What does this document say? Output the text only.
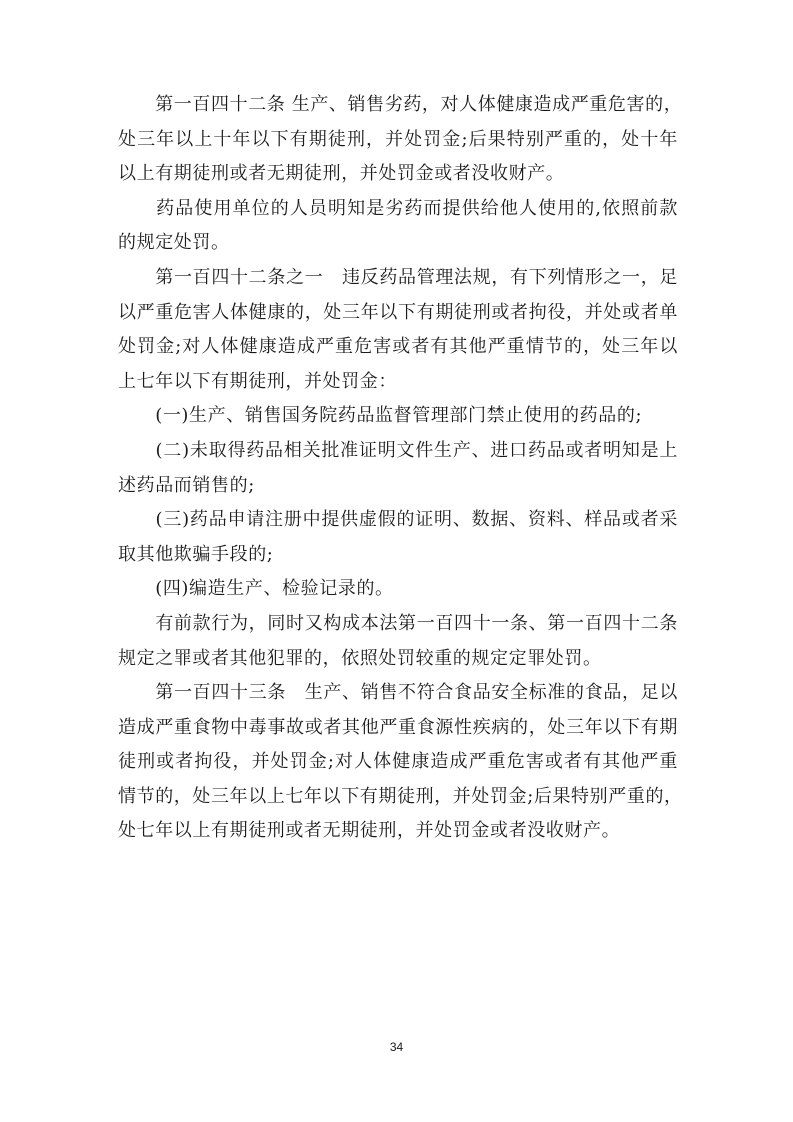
　　第一百四十二条 生产、销售劣药，对人体健康造成严重危害的，
处三年以上十年以下有期徒刑，并处罚金;后果特别严重的，处十年
以上有期徒刑或者无期徒刑，并处罚金或者没收财产。
　　药品使用单位的人员明知是劣药而提供给他人使用的,依照前款
的规定处罚。
　　第一百四十二条之一　违反药品管理法规，有下列情形之一，足
以严重危害人体健康的，处三年以下有期徒刑或者拘役，并处或者单
处罚金;对人体健康造成严重危害或者有其他严重情节的，处三年以
上七年以下有期徒刑，并处罚金：
　　(一)生产、销售国务院药品监督管理部门禁止使用的药品的;
　　(二)未取得药品相关批准证明文件生产、进口药品或者明知是上
述药品而销售的;
　　(三)药品申请注册中提供虚假的证明、数据、资料、样品或者采
取其他欺骗手段的;
　　(四)编造生产、检验记录的。
　　有前款行为，同时又构成本法第一百四十一条、第一百四十二条
规定之罪或者其他犯罪的，依照处罚较重的规定定罪处罚。
　　第一百四十三条　生产、销售不符合食品安全标准的食品，足以
造成严重食物中毒事故或者其他严重食源性疾病的，处三年以下有期
徒刑或者拘役，并处罚金;对人体健康造成严重危害或者有其他严重
情节的，处三年以上七年以下有期徒刑，并处罚金;后果特别严重的，
处七年以上有期徒刑或者无期徒刑，并处罚金或者没收财产。
34
